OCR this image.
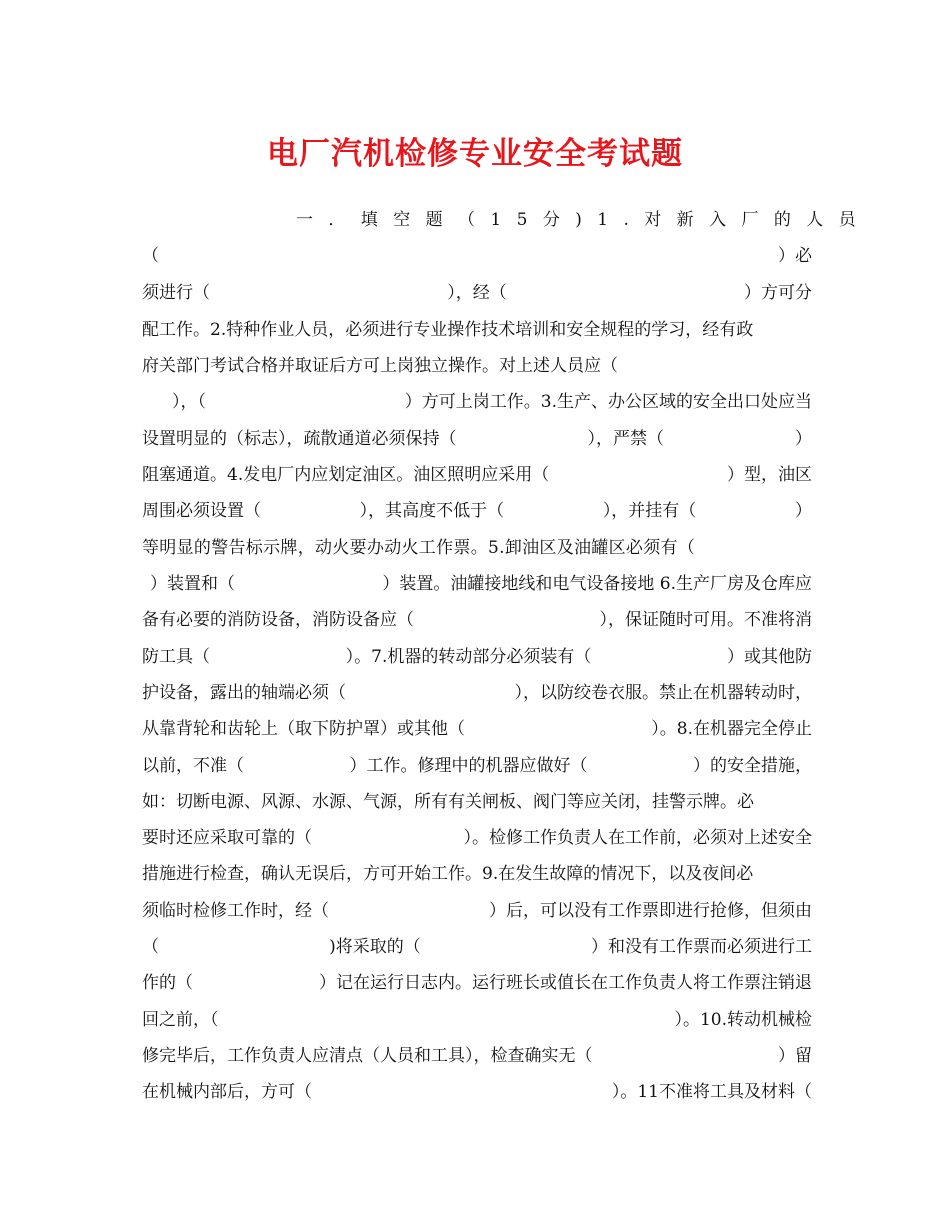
电厂汽机检修专业安全考试题
一．填空题（15分)1.对新入厂的人员
（	）必
须进行（	），经（	）方可分
配工作。2.特种作业人员，必须进行专业操作技术培训和安全规程的学习，经有政
府关部门考试合格并取证后方可上岗独立操作。对上述人员应（
），（	）方可上岗工作。3.生产、办公区域的安全出口处应当
设置明显的（标志），疏散通道必须保持（	），严禁（	）
阻塞通道。4.发电厂内应划定油区。油区照明应采用（	）型，油区
周围必须设置（	），其高度不低于（	），并挂有（	）
等明显的警告标示牌，动火要办动火工作票。5.卸油区及油罐区必须有（
）装置和（	）装置。油罐接地线和电气设备接地 6.生产厂房及仓库应
备有必要的消防设备，消防设备应（	），保证随时可用。不准将消
防工具（	）。7.机器的转动部分必须装有（	）或其他防
护设备，露出的轴端必须（	），以防绞卷衣服。禁止在机器转动时，
从靠背轮和齿轮上（取下防护罩）或其他（	）。8.在机器完全停止
以前，不准（	）工作。修理中的机器应做好（	）的安全措施，
如：切断电源、风源、水源、气源，所有有关闸板、阀门等应关闭，挂警示牌。必
要时还应采取可靠的（	）。检修工作负责人在工作前，必须对上述安全
措施进行检查，确认无误后，方可开始工作。9.在发生故障的情况下，以及夜间必
须临时检修工作时，经（	）后，可以没有工作票即进行抢修，但须由
（	)将采取的（	）和没有工作票而必须进行工
作的（	）记在运行日志内。运行班长或值长在工作负责人将工作票注销退
回之前，（	）。10.转动机械检
修完毕后，工作负责人应清点（人员和工具），检查确实无（	）留
在机械内部后，方可（	）。11不准将工具及材料（
